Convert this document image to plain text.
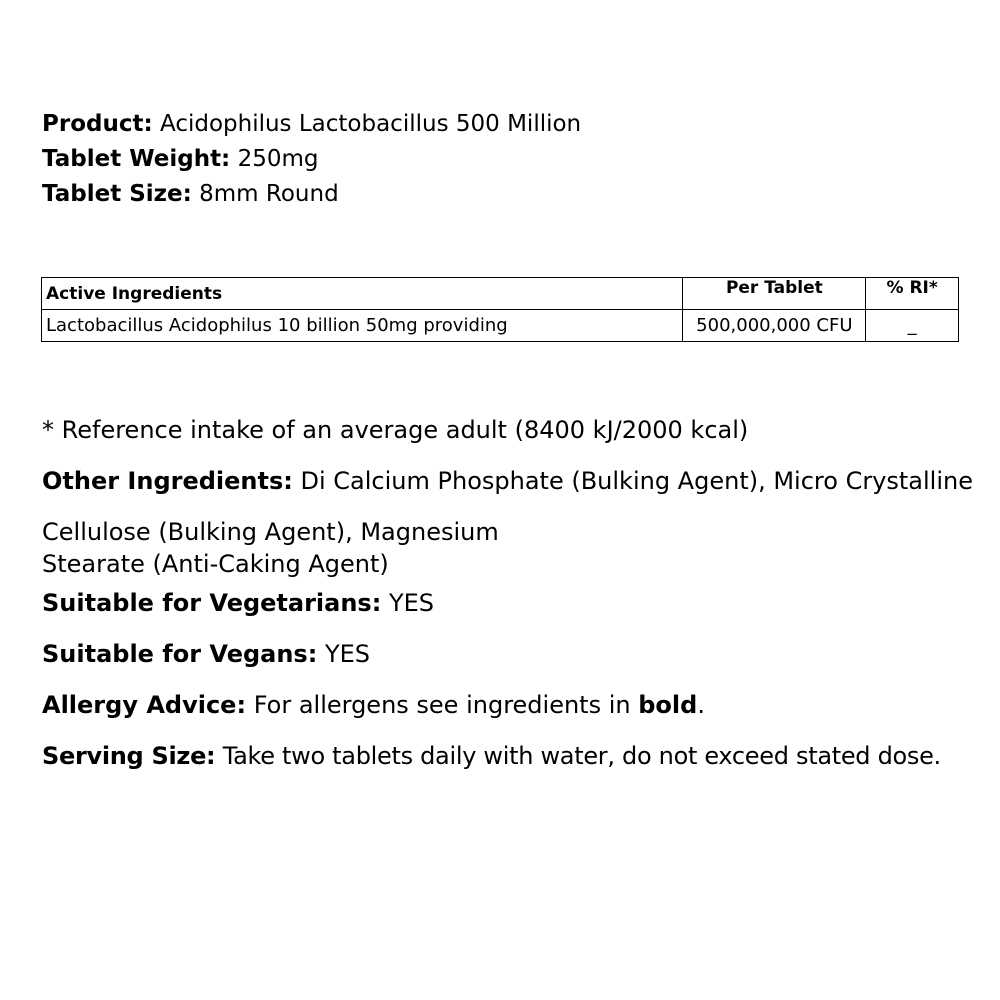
Product: Acidophilus Lactobacillus 500 Million
Tablet Weight: 250mg
Tablet Size: 8mm Round
Active Ingredients	Per Tablet	% RI*
Lactobacillus Acidophilus 10 billion 50mg providing	500,000,000 CFU	_
* Reference intake of an average adult (8400 kJ/2000 kcal)
Other Ingredients: Di Calcium Phosphate (Bulking Agent), Micro Crystalline
Cellulose (Bulking Agent), Magnesium
Stearate (Anti-Caking Agent)
Suitable for Vegetarians: YES
Suitable for Vegans: YES
Allergy Advice: For allergens see ingredients in bold.
Serving Size: Take two tablets daily with water, do not exceed stated dose.
